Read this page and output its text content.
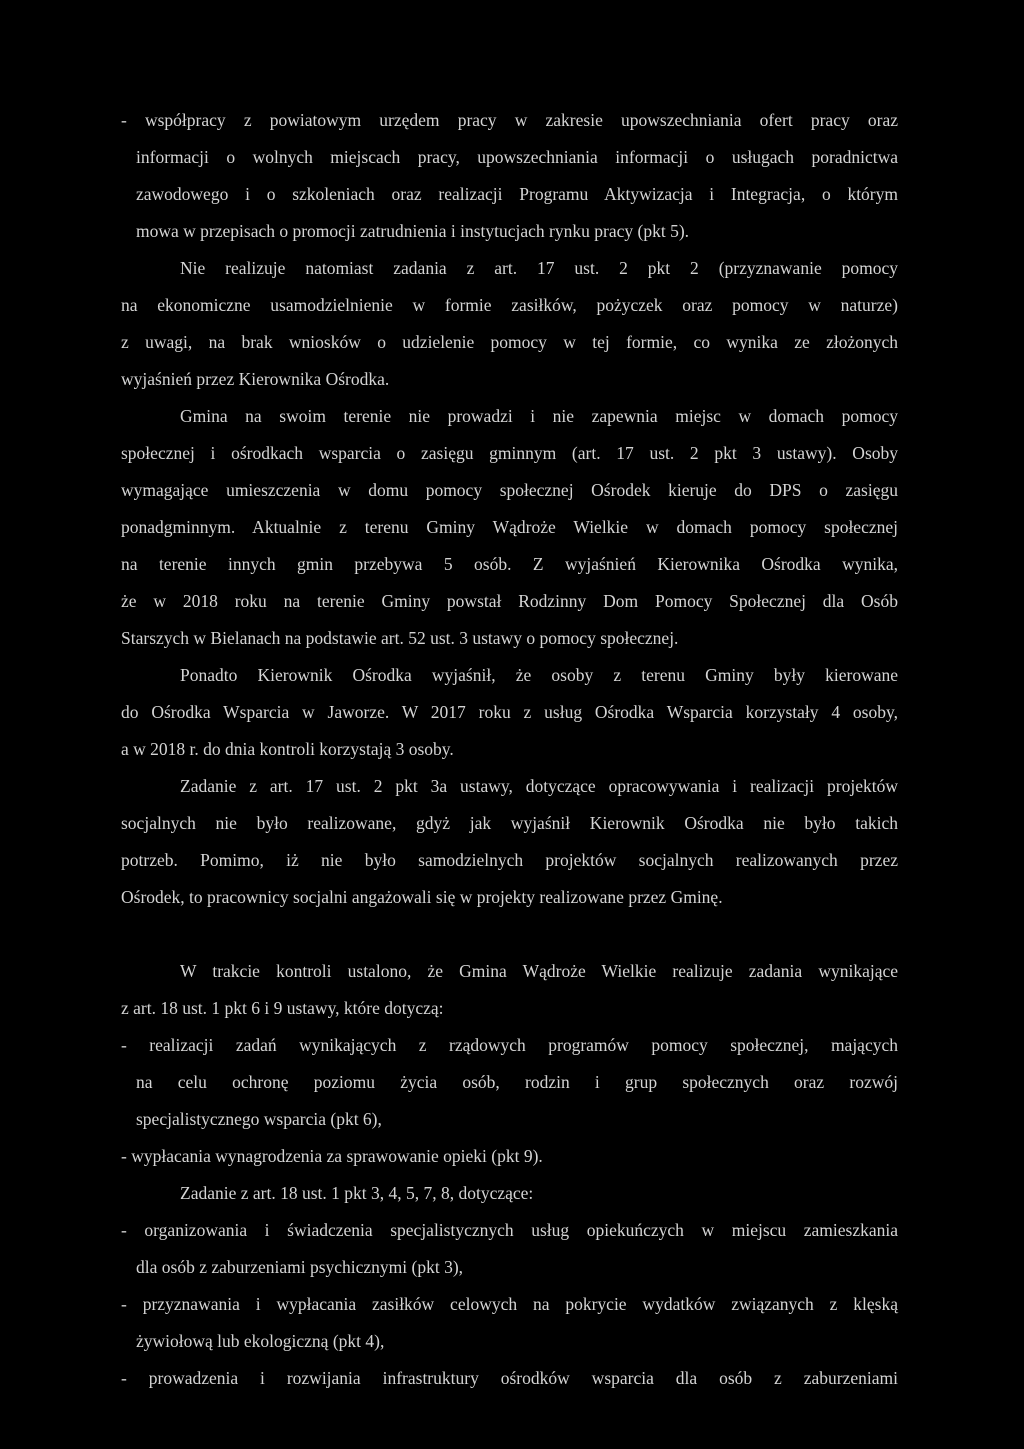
- współpracy z powiatowym urzędem pracy w zakresie upowszechniania ofert pracy oraz
informacji o wolnych miejscach pracy, upowszechniania informacji o usługach poradnictwa
zawodowego i o szkoleniach oraz realizacji Programu Aktywizacja i Integracja, o którym
mowa w przepisach o promocji zatrudnienia i instytucjach rynku pracy (pkt 5).
Nie realizuje natomiast zadania z art. 17 ust. 2 pkt 2 (przyznawanie pomocy
na ekonomiczne usamodzielnienie w formie zasiłków, pożyczek oraz pomocy w naturze)
z uwagi, na brak wniosków o udzielenie pomocy w tej formie, co wynika ze złożonych
wyjaśnień przez Kierownika Ośrodka.
Gmina na swoim terenie nie prowadzi i nie zapewnia miejsc w domach pomocy
społecznej i ośrodkach wsparcia o zasięgu gminnym (art. 17 ust. 2 pkt 3 ustawy). Osoby
wymagające umieszczenia w domu pomocy społecznej Ośrodek kieruje do DPS o zasięgu
ponadgminnym. Aktualnie z terenu Gminy Wądroże Wielkie w domach pomocy społecznej
na terenie innych gmin przebywa 5 osób. Z wyjaśnień Kierownika Ośrodka wynika,
że w 2018 roku na terenie Gminy powstał Rodzinny Dom Pomocy Społecznej dla Osób
Starszych w Bielanach na podstawie art. 52 ust. 3 ustawy o pomocy społecznej.
Ponadto Kierownik Ośrodka wyjaśnił, że osoby z terenu Gminy były kierowane
do Ośrodka Wsparcia w Jaworze. W 2017 roku z usług Ośrodka Wsparcia korzystały 4 osoby,
a w 2018 r. do dnia kontroli korzystają 3 osoby.
Zadanie z art. 17 ust. 2 pkt 3a ustawy, dotyczące opracowywania i realizacji projektów
socjalnych nie było realizowane, gdyż jak wyjaśnił Kierownik Ośrodka nie było takich
potrzeb. Pomimo, iż nie było samodzielnych projektów socjalnych realizowanych przez
Ośrodek, to pracownicy socjalni angażowali się w projekty realizowane przez Gminę.
W trakcie kontroli ustalono, że Gmina Wądroże Wielkie realizuje zadania wynikające
z art. 18 ust. 1 pkt 6 i 9 ustawy, które dotyczą:
- realizacji zadań wynikających z rządowych programów pomocy społecznej, mających
na celu ochronę poziomu życia osób, rodzin i grup społecznych oraz rozwój
specjalistycznego wsparcia (pkt 6),
- wypłacania wynagrodzenia za sprawowanie opieki (pkt 9).
Zadanie z art. 18 ust. 1 pkt 3, 4, 5, 7, 8, dotyczące:
- organizowania i świadczenia specjalistycznych usług opiekuńczych w miejscu zamieszkania
dla osób z zaburzeniami psychicznymi (pkt 3),
- przyznawania i wypłacania zasiłków celowych na pokrycie wydatków związanych z klęską
żywiołową lub ekologiczną (pkt 4),
- prowadzenia i rozwijania infrastruktury ośrodków wsparcia dla osób z zaburzeniami
